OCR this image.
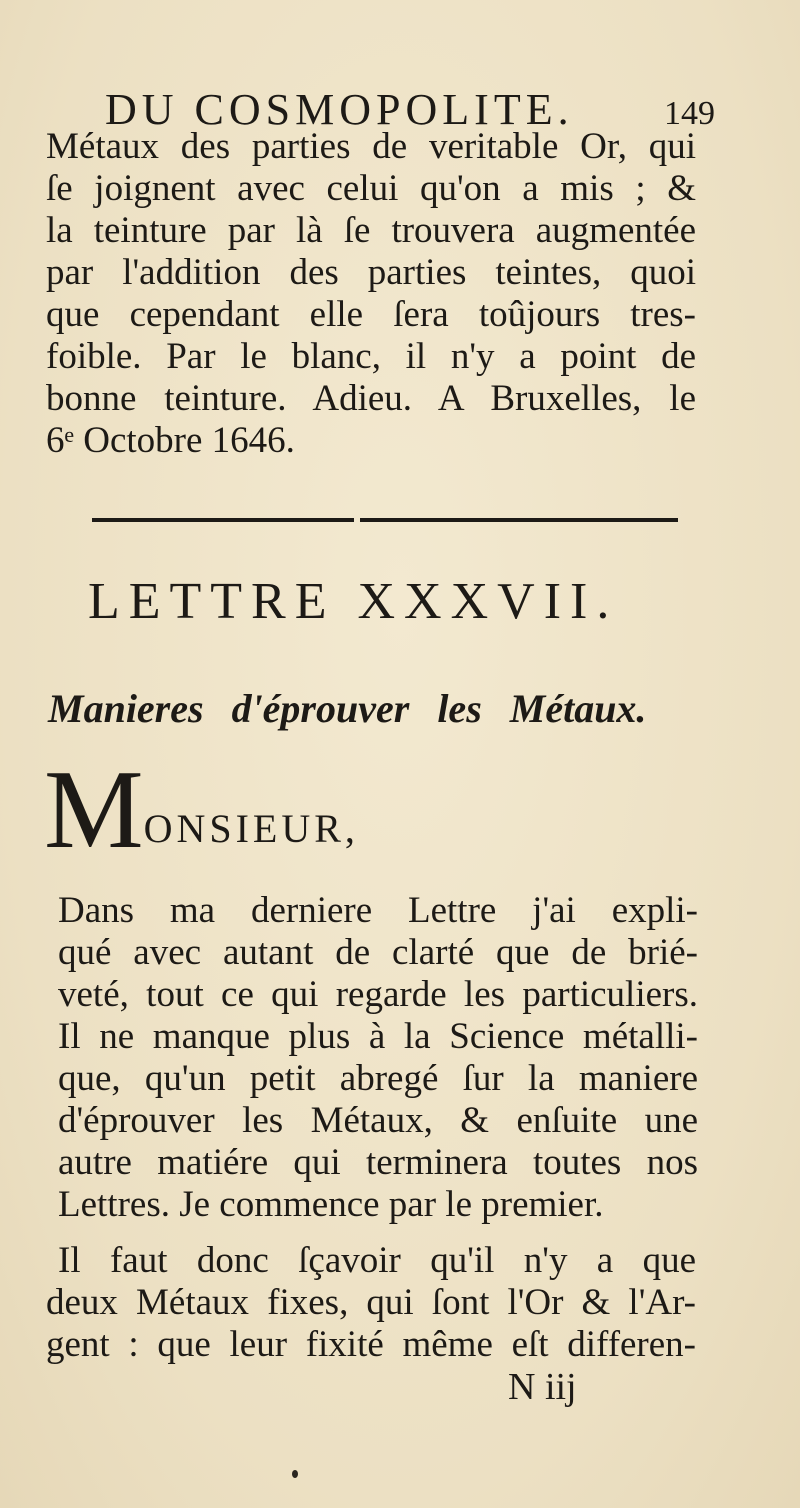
DU COSMOPOLITE.	149
Métaux des parties de veritable Or, qui
ſe joignent avec celui qu'on a mis ; &
la teinture par là ſe trouvera augmentée
par l'addition des parties teintes, quoi
que cependant elle ſera toûjours tres-
foible. Par le blanc, il n'y a point de
bonne teinture. Adieu. A Bruxelles, le
6ᵉ Octobre 1646.
LETTRE XXXVII.
Manieres d'éprouver les Métaux.
MONSIEUR,
Dans ma derniere Lettre j'ai expli-
qué avec autant de clarté que de brié-
veté, tout ce qui regarde les particuliers.
Il ne manque plus à la Science métalli-
que, qu'un petit abregé ſur la maniere
d'éprouver les Métaux, & enſuite une
autre matiére qui terminera toutes nos
Lettres. Je commence par le premier.
Il faut donc ſçavoir qu'il n'y a que
deux Métaux fixes, qui ſont l'Or & l'Ar-
gent : que leur fixité même eſt differen-
N iij
